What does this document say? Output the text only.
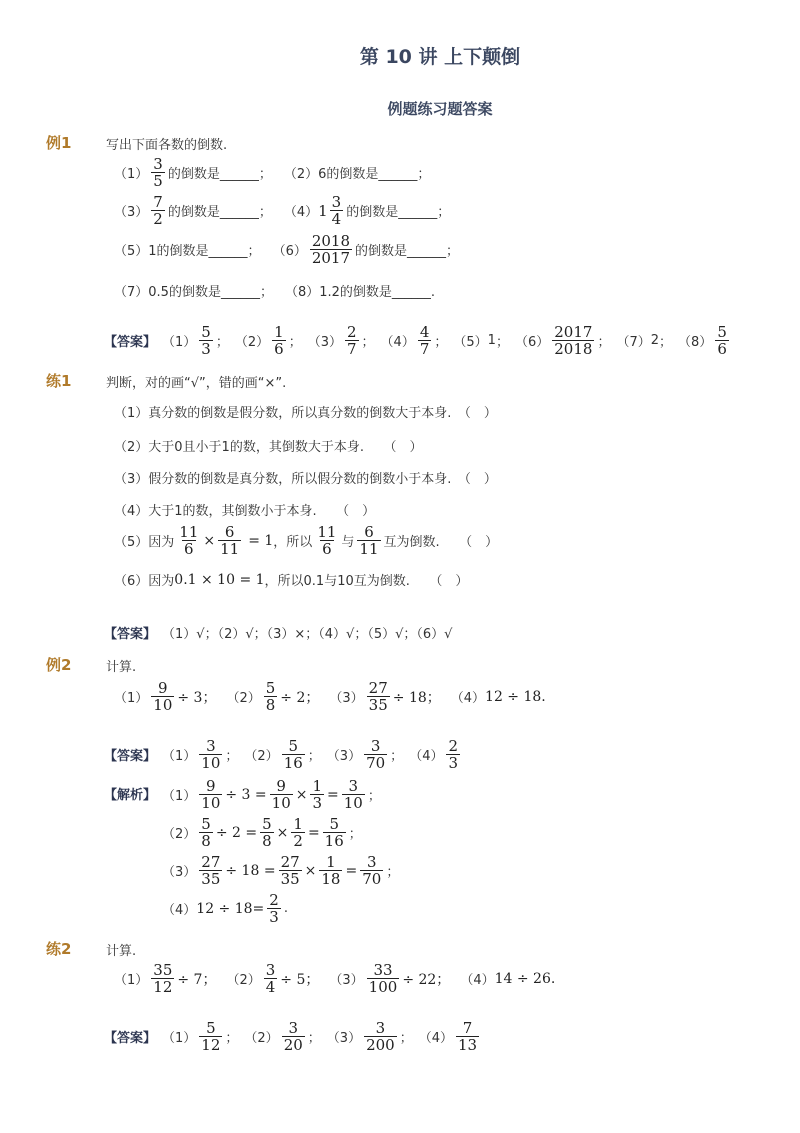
第 10 讲 上下颠倒
例题练习题答案
例1	写出下面各数的倒数.
$(1) \frac{3}{5}$ 的倒数是______； （2） 6的倒数是______；
$(3) \frac{7}{2}$ 的倒数是______； （4） $1 \frac{3}{4}$ 的倒数是______；
（5） 1的倒数是______； $(6) \frac{2018}{2017}$ 的倒数是______；
（7） 0.5的倒数是______； （8） 1.2的倒数是______.
【答案】 $(1) \frac{5}{3}$ ； $(2) \frac{1}{6}$ ； $(3) \frac{2}{7}$ ； $(4) \frac{4}{7}$ ； （5） 1 ； $(6) \frac{2017}{2018}$ ； （7） 2 ； $(8) \frac{5}{6}$
练1	判断，对的画“√”，错的画“×”.
（1）真分数的倒数是假分数，所以真分数的倒数大于本身.　（　）
（2）大于0且小于1的数，其倒数大于本身.　　（　）
（3）假分数的倒数是真分数，所以假分数的倒数小于本身.　（　）
（4）大于1的数，其倒数小于本身.　　（　）
（5）因为 $\frac{11}{6} \times \frac{6}{11} = 1$ ，所以 $\frac{11}{6}$ 与 $\frac{6}{11}$ 互为倒数.　　（　）
（6）因为 0.1 × 10 = 1 ，所以0.1与10互为倒数.　　（　）
【答案】 （1）√；（2）√；（3）×；（4）√；（5）√；（6）√
例2	计算.
$(1) \frac{9}{10} \div 3$； $(2) \frac{5}{8} \div 2$； $(3) \frac{27}{35} \div 18$； （4） 12 ÷ 18.
【答案】 $(1) \frac{3}{10}$ ； $(2) \frac{5}{16}$ ； $(3) \frac{3}{70}$ ； $(4) \frac{2}{3}$
【解析】 $(1) \frac{9}{10} \div 3 = \frac{9}{10} \times \frac{1}{3} = \frac{3}{10}$ ；
$(2) \frac{5}{8} \div 2 = \frac{5}{8} \times \frac{1}{2} = \frac{5}{16}$ ；
$(3) \frac{27}{35} \div 18 = \frac{27}{35} \times \frac{1}{18} = \frac{3}{70}$ ；
（4） $12 \div 18= \frac{2}{3}$ .
练2	计算.
$(1) \frac{35}{12} \div 7$； $(2) \frac{3}{4} \div 5$； $(3) \frac{33}{100} \div 22$； （4） 14 ÷ 26.
【答案】 $(1) \frac{5}{12}$ ； $(2) \frac{3}{20}$ ； $(3) \frac{3}{200}$ ； $(4) \frac{7}{13}$
